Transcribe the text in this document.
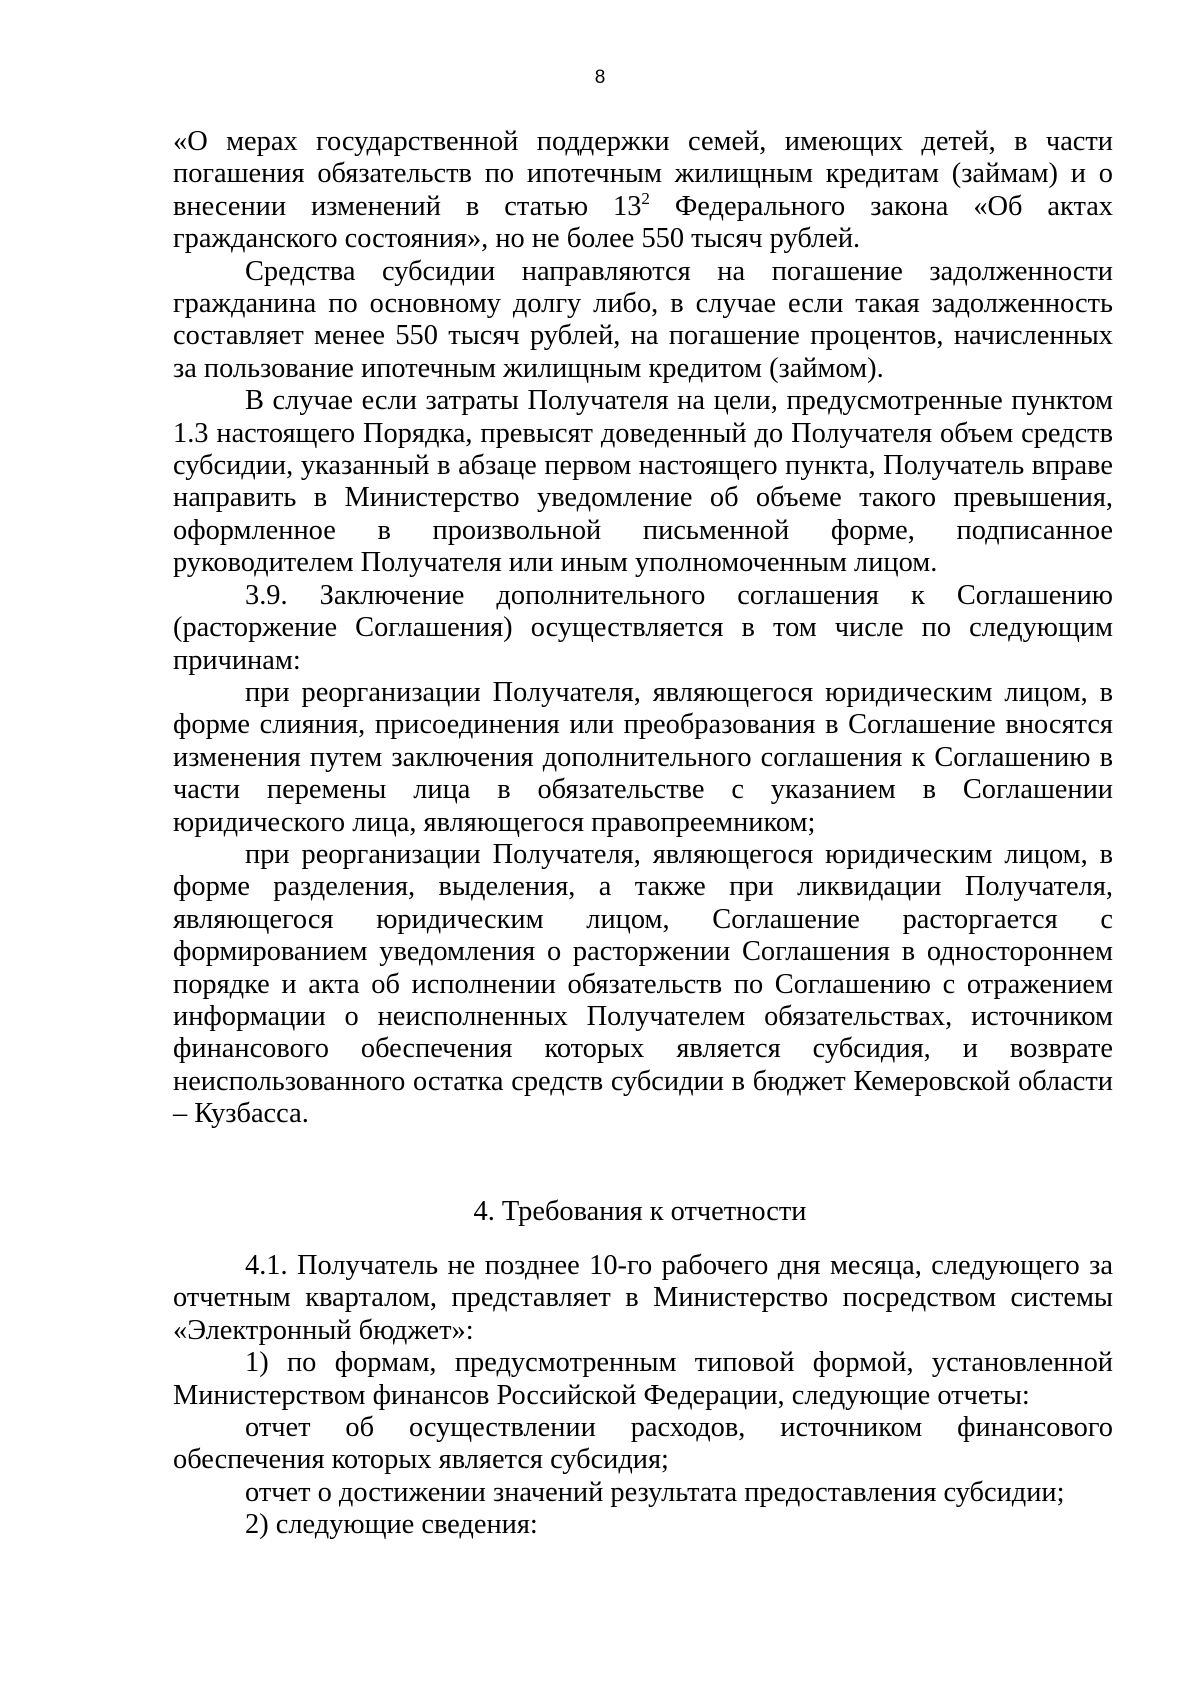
8

«О мерах государственной поддержки семей, имеющих детей, в части погашения обязательств по ипотечным жилищным кредитам (займам) и о внесении изменений в статью $13^2$ Федерального закона «Об актах гражданского состояния», но не более 550 тысяч рублей.

Средства субсидии направляются на погашение задолженности гражданина по основному долгу либо, в случае если такая задолженность составляет менее 550 тысяч рублей, на погашение процентов, начисленных за пользование ипотечным жилищным кредитом (займом).

В случае если затраты Получателя на цели, предусмотренные пунктом 1.3 настоящего Порядка, превысят доведенный до Получателя объем средств субсидии, указанный в абзаце первом настоящего пункта, Получатель вправе направить в Министерство уведомление об объеме такого превышения, оформленное в произвольной письменной форме, подписанное руководителем Получателя или иным уполномоченным лицом.

3.9. Заключение дополнительного соглашения к Соглашению (расторжение Соглашения) осуществляется в том числе по следующим причинам:

при реорганизации Получателя, являющегося юридическим лицом, в форме слияния, присоединения или преобразования в Соглашение вносятся изменения путем заключения дополнительного соглашения к Соглашению в части перемены лица в обязательстве с указанием в Соглашении юридического лица, являющегося правопреемником;

при реорганизации Получателя, являющегося юридическим лицом, в форме разделения, выделения, а также при ликвидации Получателя, являющегося юридическим лицом, Соглашение расторгается с формированием уведомления о расторжении Соглашения в одностороннем порядке и акта об исполнении обязательств по Соглашению с отражением информации о неисполненных Получателем обязательствах, источником финансового обеспечения которых является субсидия, и возврате неиспользованного остатка средств субсидии в бюджет Кемеровской области – Кузбасса.

4. Требования к отчетности

4.1. Получатель не позднее 10-го рабочего дня месяца, следующего за отчетным кварталом, представляет в Министерство посредством системы «Электронный бюджет»:

1) по формам, предусмотренным типовой формой, установленной Министерством финансов Российской Федерации, следующие отчеты:

отчет об осуществлении расходов, источником финансового обеспечения которых является субсидия;

отчет о достижении значений результата предоставления субсидии;

2) следующие сведения:
